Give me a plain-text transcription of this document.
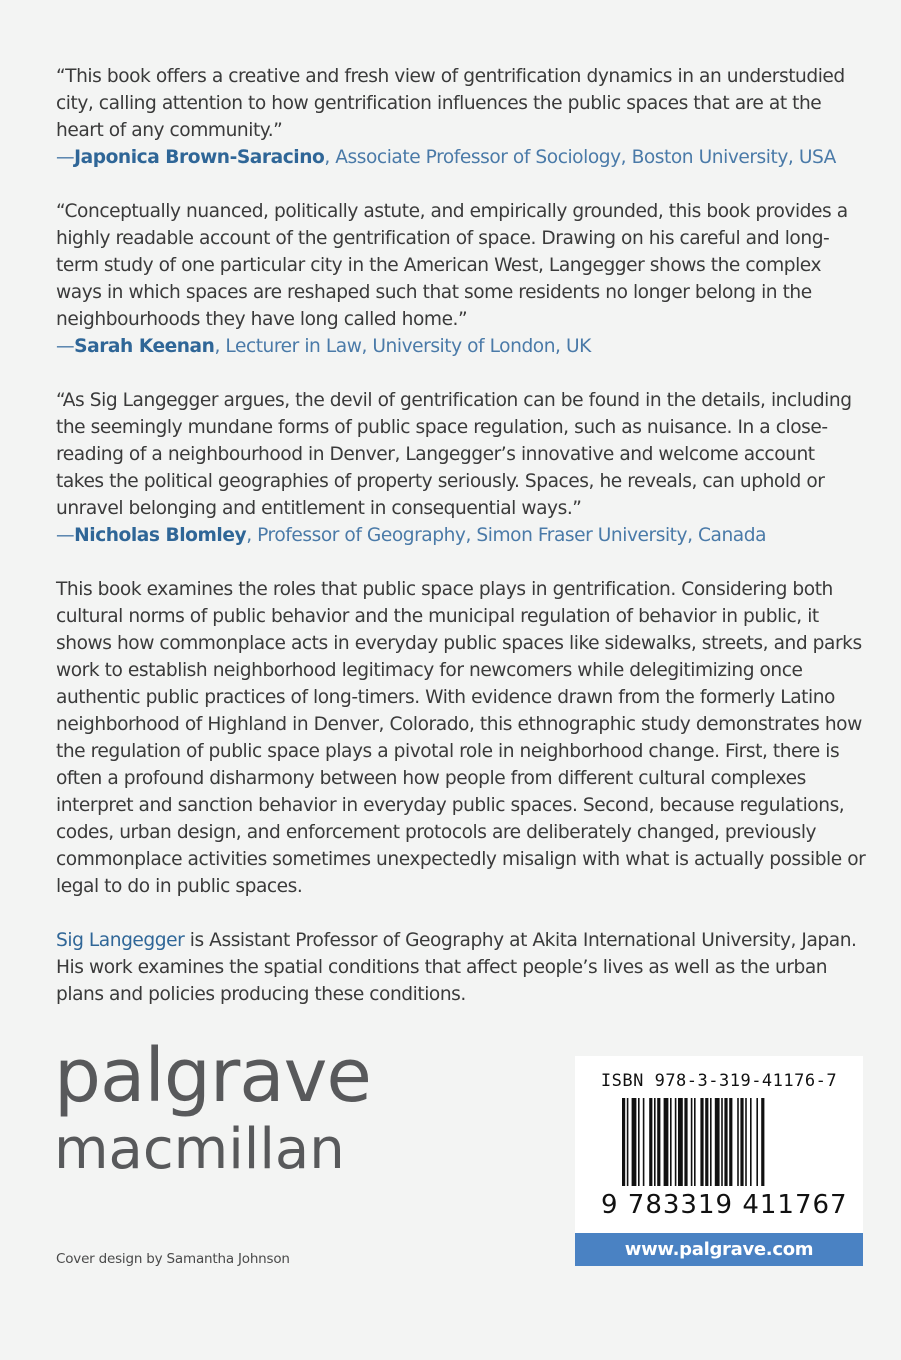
“This book offers a creative and fresh view of gentrification dynamics in an understudied city, calling attention to how gentrification influences the public spaces that are at the heart of any community.”

—Japonica Brown-Saracino, Associate Professor of Sociology, Boston University, USA

“Conceptually nuanced, politically astute, and empirically grounded, this book provides a highly readable account of the gentrification of space. Drawing on his careful and long-term study of one particular city in the American West, Langegger shows the complex ways in which spaces are reshaped such that some residents no longer belong in the neighbourhoods they have long called home.”

—Sarah Keenan, Lecturer in Law, University of London, UK

“As Sig Langegger argues, the devil of gentrification can be found in the details, including the seemingly mundane forms of public space regulation, such as nuisance. In a close-reading of a neighbourhood in Denver, Langegger’s innovative and welcome account takes the political geographies of property seriously. Spaces, he reveals, can uphold or unravel belonging and entitlement in consequential ways.”

—Nicholas Blomley, Professor of Geography, Simon Fraser University, Canada

This book examines the roles that public space plays in gentrification. Considering both cultural norms of public behavior and the municipal regulation of behavior in public, it shows how commonplace acts in everyday public spaces like sidewalks, streets, and parks work to establish neighborhood legitimacy for newcomers while delegitimizing once authentic public practices of long-timers. With evidence drawn from the formerly Latino neighborhood of Highland in Denver, Colorado, this ethnographic study demonstrates how the regulation of public space plays a pivotal role in neighborhood change. First, there is often a profound disharmony between how people from different cultural complexes interpret and sanction behavior in everyday public spaces. Second, because regulations, codes, urban design, and enforcement protocols are deliberately changed, previously commonplace activities sometimes unexpectedly misalign with what is actually possible or legal to do in public spaces.

Sig Langegger is Assistant Professor of Geography at Akita International University, Japan. His work examines the spatial conditions that affect people’s lives as well as the urban plans and policies producing these conditions.

palgrave
macmillan
Cover design by Samantha Johnson
ISBN 978-3-319-41176-7
9 783319 411767
www.palgrave.com
